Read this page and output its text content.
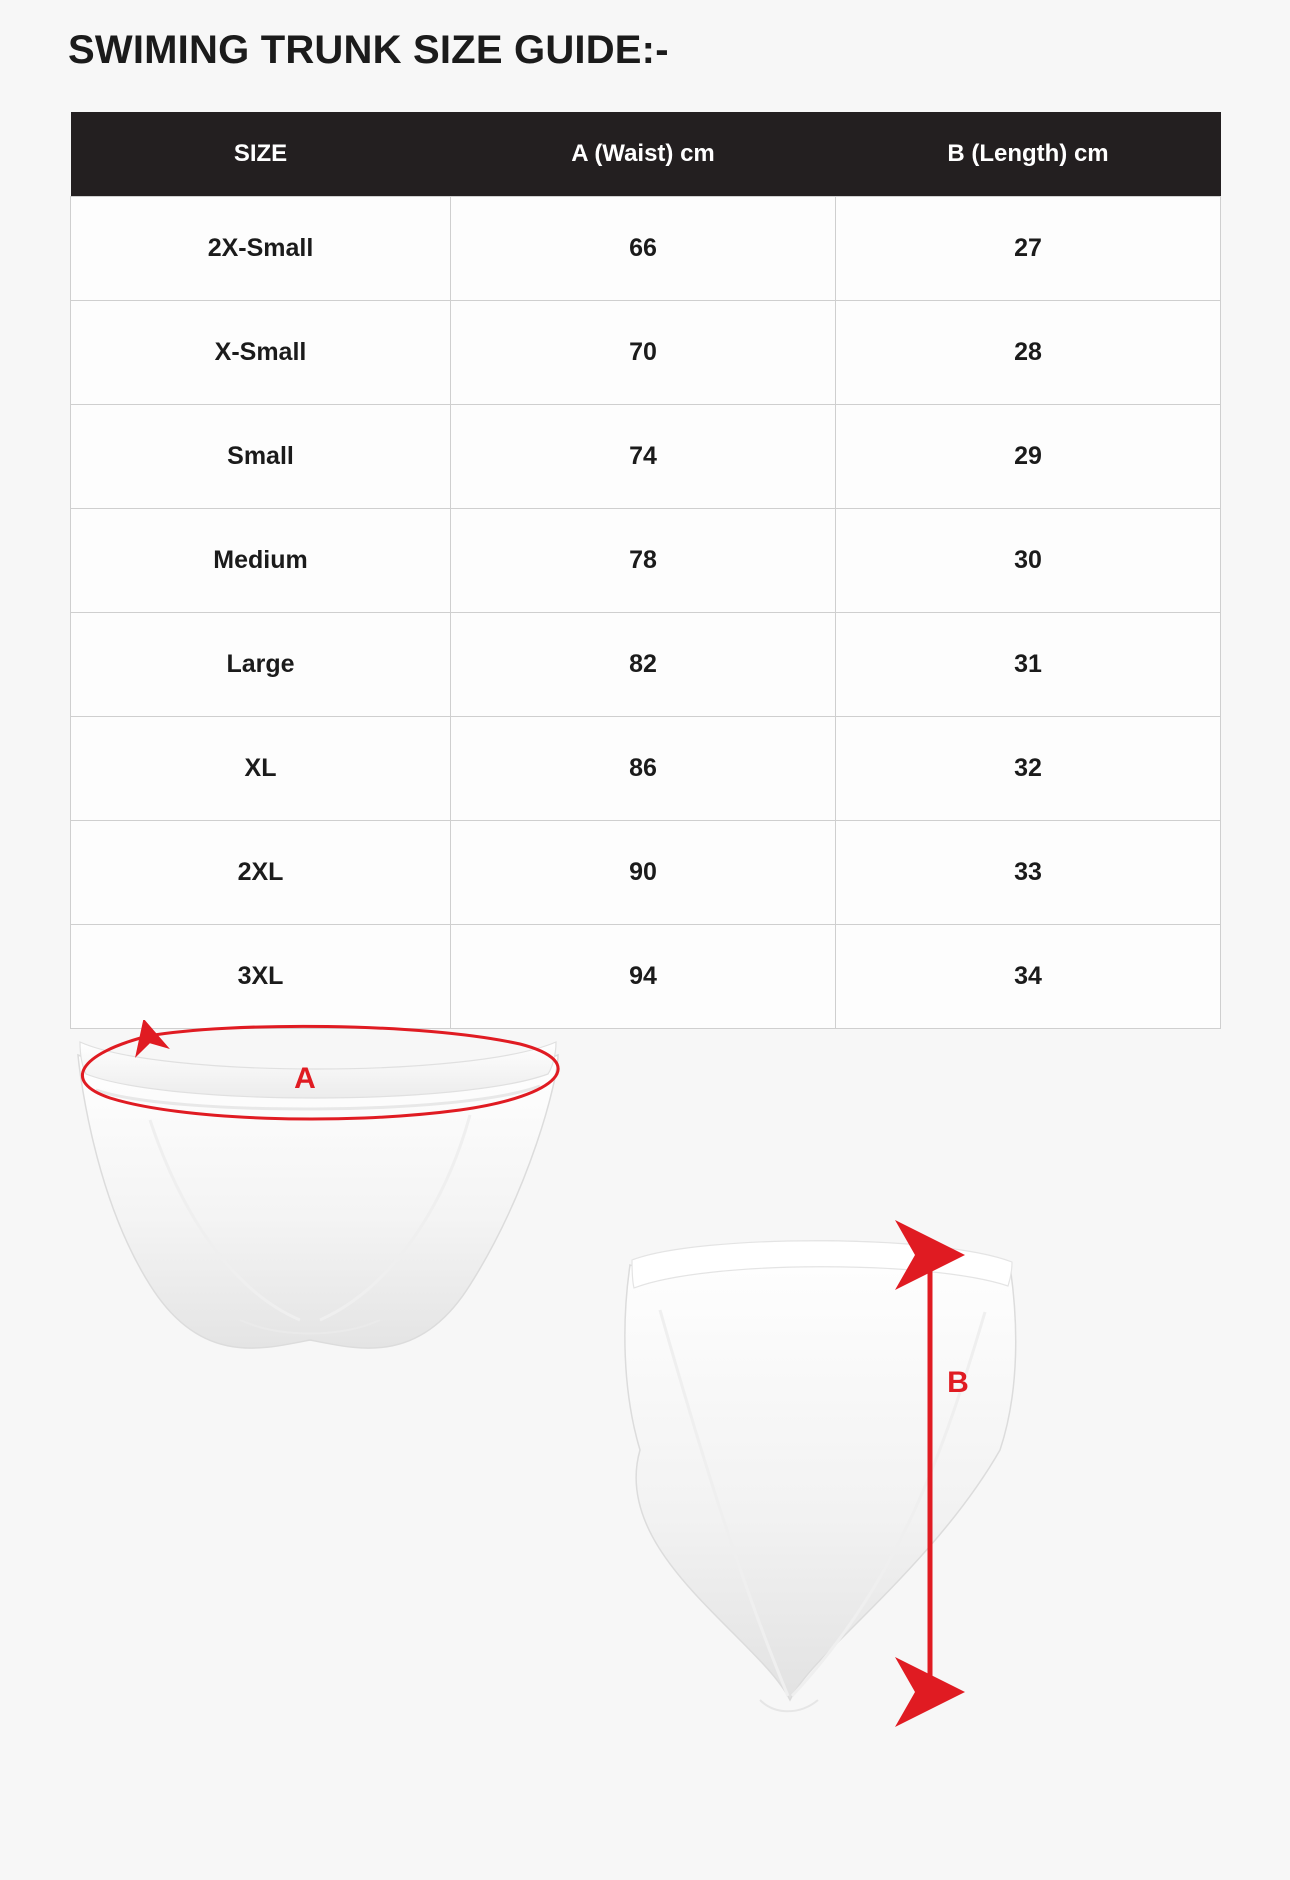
SWIMING TRUNK SIZE GUIDE:-
SIZE	A (Waist) cm	B (Length) cm
2X-Small	66	27
X-Small	70	28
Small	74	29
Medium	78	30
Large	82	31
XL	86	32
2XL	90	33
3XL	94	34
A
B
